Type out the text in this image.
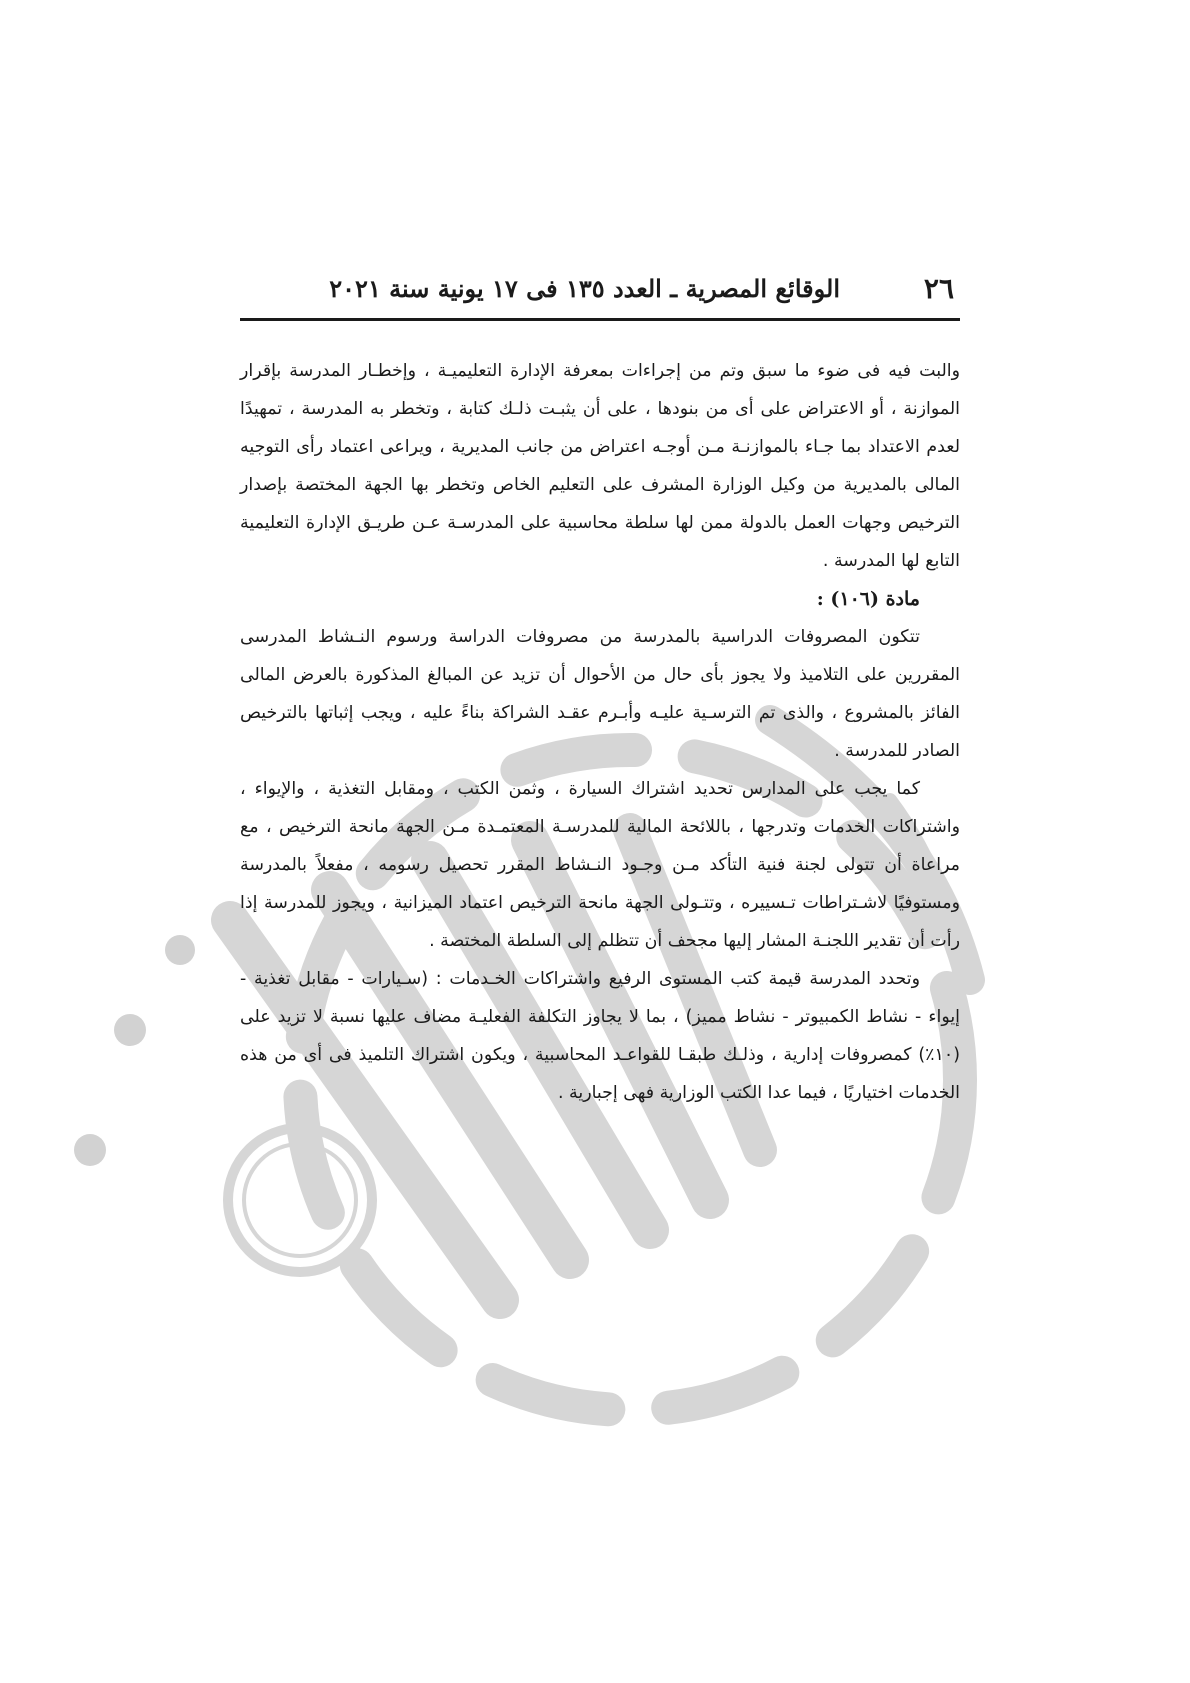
٢٦
الوقائع المصرية ـ العدد ١٣٥ فى ١٧ يونية سنة ٢٠٢١

والبت فيه فى ضوء ما سبق وتم من إجراءات بمعرفة الإدارة التعليميـة ، وإخطـار المدرسة بإقرار الموازنة ، أو الاعتراض على أى من بنودها ، على أن يثبـت ذلـك كتابة ، وتخطر به المدرسة ، تمهيدًا لعدم الاعتداد بما جـاء بالموازنـة مـن أوجـه اعتراض من جانب المديرية ، ويراعى اعتماد رأى التوجيه المالى بالمديرية من وكيل الوزارة المشرف على التعليم الخاص وتخطر بها الجهة المختصة بإصدار الترخيص وجهات العمل بالدولة ممن لها سلطة محاسبية على المدرسـة عـن طريـق الإدارة التعليمية التابع لها المدرسة .

مادة (١٠٦) :

تتكون المصروفات الدراسية بالمدرسة من مصروفات الدراسة ورسوم النـشاط المدرسى المقررين على التلاميذ ولا يجوز بأى حال من الأحوال أن تزيد عن المبالغ المذكورة بالعرض المالى الفائز بالمشروع ، والذى تم الترسـية عليـه وأبـرم عقـد الشراكة بناءً عليه ، ويجب إثباتها بالترخيص الصادر للمدرسة .

كما يجب على المدارس تحديد اشتراك السيارة ، وثمن الكتب ، ومقابل التغذية ، والإيواء ، واشتراكات الخدمات وتدرجها ، باللائحة المالية للمدرسـة المعتمـدة مـن الجهة مانحة الترخيص ، مع مراعاة أن تتولى لجنة فنية التأكد مـن وجـود النـشاط المقرر تحصيل رسومه ، مفعلاً بالمدرسة ومستوفيًا لاشـتراطات تـسييره ، وتتـولى الجهة مانحة الترخيص اعتماد الميزانية ، ويجوز للمدرسة إذا رأت أن تقدير اللجنـة المشار إليها مجحف أن تتظلم إلى السلطة المختصة .

وتحدد المدرسة قيمة كتب المستوى الرفيع واشتراكات الخـدمات : (سـيارات - مقابل تغذية - إيواء - نشاط الكمبيوتر - نشاط مميز) ، بما لا يجاوز التكلفة الفعليـة مضاف عليها نسبة لا تزيد على (١٠٪) كمصروفات إدارية ، وذلـك طبقـا للقواعـد المحاسبية ، ويكون اشتراك التلميذ فى أى من هذه الخدمات اختياريًا ، فيما عدا الكتب الوزارية فهى إجبارية .
